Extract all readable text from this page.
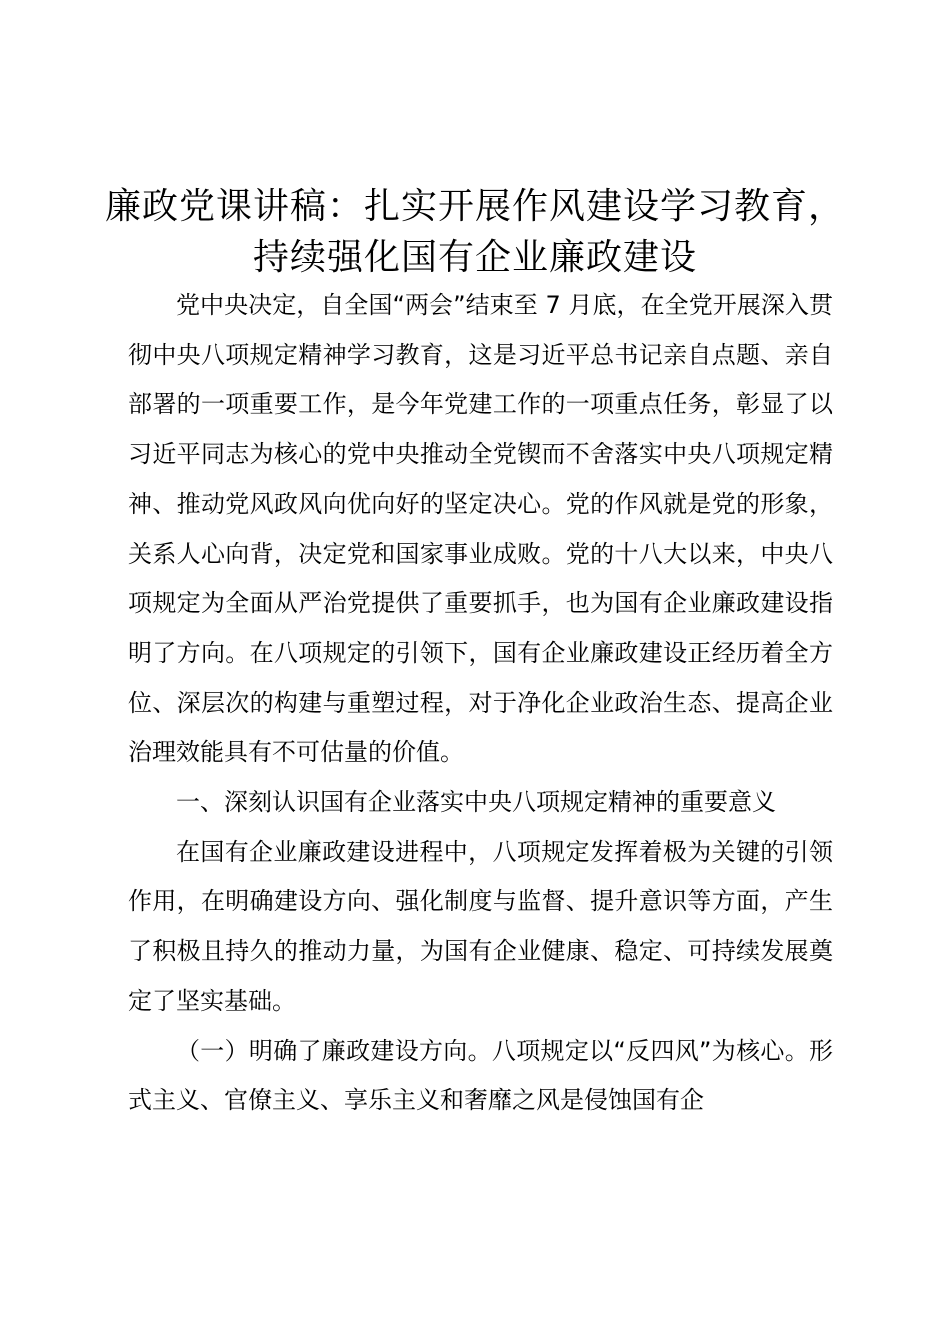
廉政党课讲稿：扎实开展作风建设学习教育，
持续强化国有企业廉政建设

党中央决定，自全国“两会”结束至 7 月底，在全党开展深入贯彻中央八项规定精神学习教育，这是习近平总书记亲自点题、亲自部署的一项重要工作，是今年党建工作的一项重点任务，彰显了以习近平同志为核心的党中央推动全党锲而不舍落实中央八项规定精神、推动党风政风向优向好的坚定决心。党的作风就是党的形象，关系人心向背，决定党和国家事业成败。党的十八大以来，中央八项规定为全面从严治党提供了重要抓手，也为国有企业廉政建设指明了方向。在八项规定的引领下，国有企业廉政建设正经历着全方位、深层次的构建与重塑过程，对于净化企业政治生态、提高企业治理效能具有不可估量的价值。

一、深刻认识国有企业落实中央八项规定精神的重要意义

在国有企业廉政建设进程中，八项规定发挥着极为关键的引领作用，在明确建设方向、强化制度与监督、提升意识等方面，产生了积极且持久的推动力量，为国有企业健康、稳定、可持续发展奠定了坚实基础。

（一）明确了廉政建设方向。八项规定以“反四风”为核心。形式主义、官僚主义、享乐主义和奢靡之风是侵蚀国有企
